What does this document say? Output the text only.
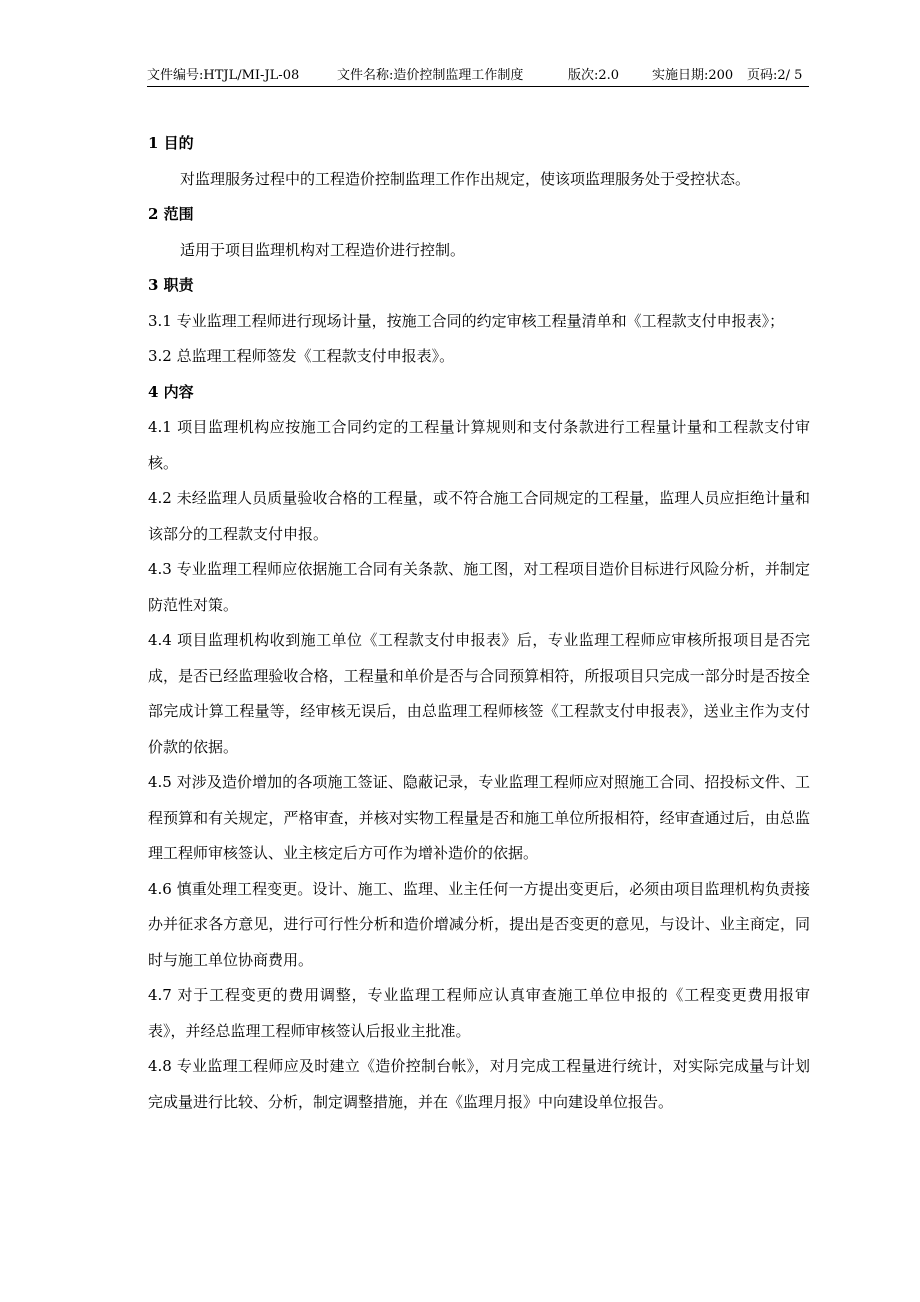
文件编号:HTJL/MI-JL-08	文件名称:造价控制监理工作制度	版次:2.0	实施日期:200 页码:2/ 5

1 目的

对监理服务过程中的工程造价控制监理工作作出规定，使该项监理服务处于受控状态。

2 范围

适用于项目监理机构对工程造价进行控制。

3 职责

3.1 专业监理工程师进行现场计量，按施工合同的约定审核工程量清单和《工程款支付申报表》；

3.2 总监理工程师签发《工程款支付申报表》。

4 内容

4.1 项目监理机构应按施工合同约定的工程量计算规则和支付条款进行工程量计量和工程款支付审核。

4.2 未经监理人员质量验收合格的工程量，或不符合施工合同规定的工程量，监理人员应拒绝计量和该部分的工程款支付申报。

4.3 专业监理工程师应依据施工合同有关条款、施工图，对工程项目造价目标进行风险分析，并制定防范性对策。

4.4 项目监理机构收到施工单位《工程款支付申报表》后，专业监理工程师应审核所报项目是否完成，是否已经监理验收合格，工程量和单价是否与合同预算相符，所报项目只完成一部分时是否按全部完成计算工程量等，经审核无误后，由总监理工程师核签《工程款支付申报表》，送业主作为支付价款的依据。

4.5 对涉及造价增加的各项施工签证、隐蔽记录，专业监理工程师应对照施工合同、招投标文件、工程预算和有关规定，严格审查，并核对实物工程量是否和施工单位所报相符，经审查通过后，由总监理工程师审核签认、业主核定后方可作为增补造价的依据。

4.6 慎重处理工程变更。设计、施工、监理、业主任何一方提出变更后，必须由项目监理机构负责接办并征求各方意见，进行可行性分析和造价增减分析，提出是否变更的意见，与设计、业主商定，同时与施工单位协商费用。

4.7 对于工程变更的费用调整，专业监理工程师应认真审查施工单位申报的《工程变更费用报审表》，并经总监理工程师审核签认后报业主批准。

4.8 专业监理工程师应及时建立《造价控制台帐》，对月完成工程量进行统计，对实际完成量与计划完成量进行比较、分析，制定调整措施，并在《监理月报》中向建设单位报告。
